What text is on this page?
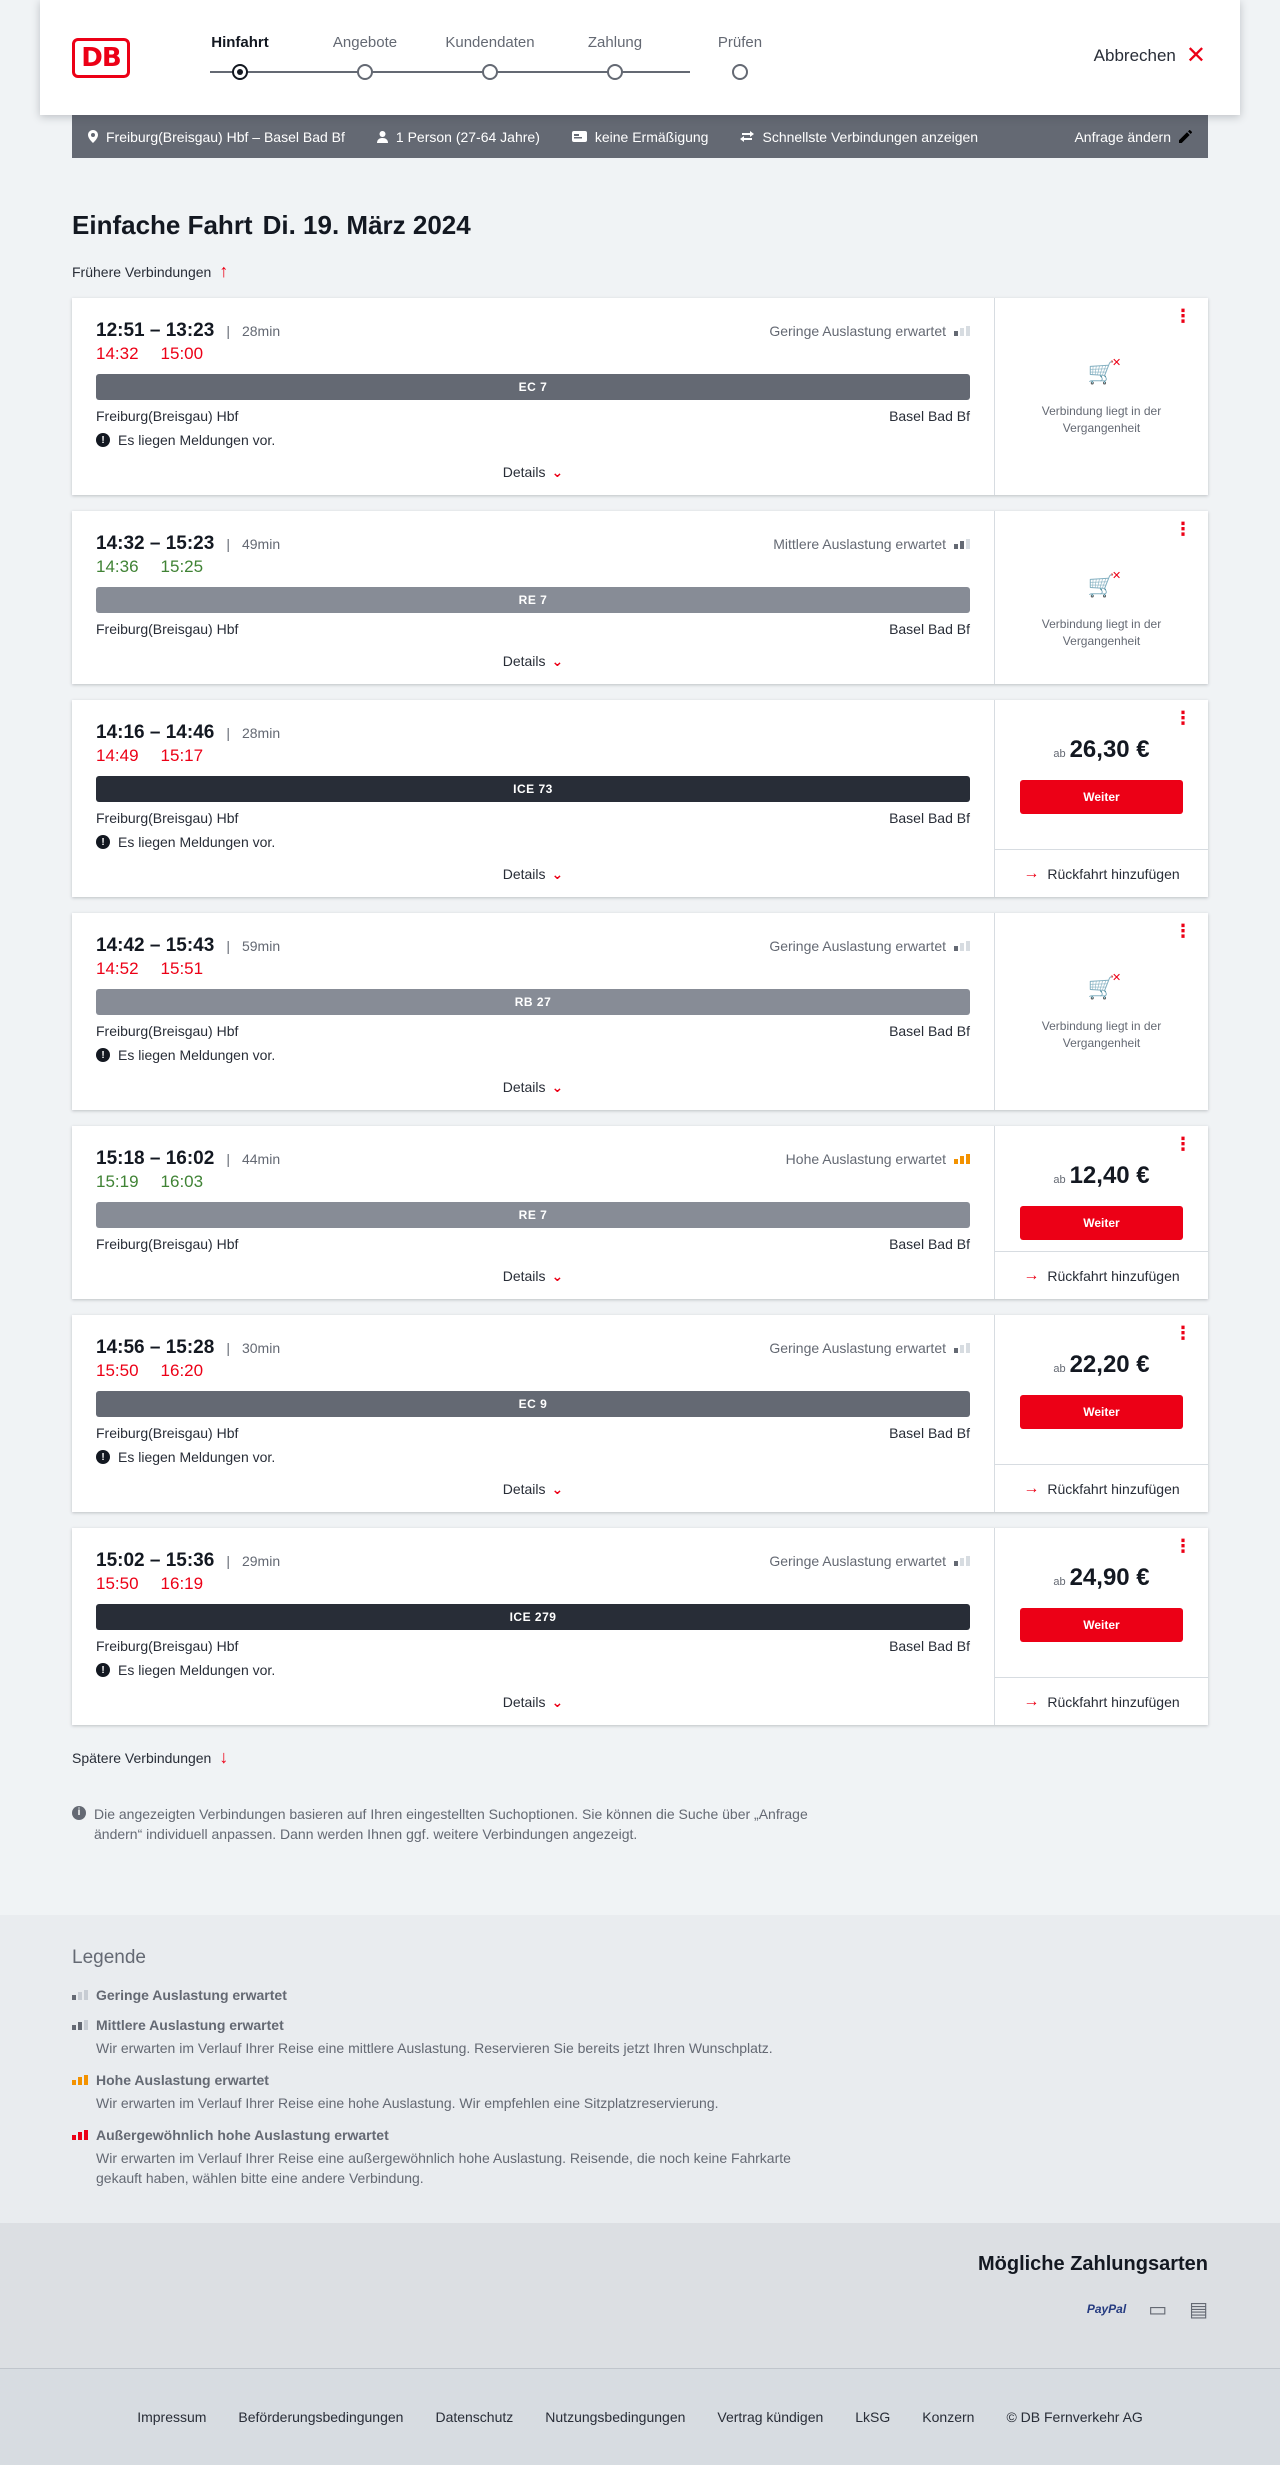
DB
Hinfahrt	Angebote	Kundendaten	Zahlung	Prüfen
Abbrechen ✕
Freiburg(Breisgau) Hbf – Basel Bad Bf	1 Person (27-64 Jahre)	keine Ermäßigung	Schnellste Verbindungen anzeigen	Anfrage ändern
Einfache Fahrt Di. 19. März 2024
Frühere Verbindungen ↑
12:51 – 13:23 | 28min	Geringe Auslastung erwartet
14:32 15:00
EC 7
Freiburg(Breisgau) Hbf	Basel Bad Bf
! Es liegen Meldungen vor.
Details ⌄
⋮
🛒
✕
Verbindung liegt in der Vergangenheit
14:32 – 15:23 | 49min	Mittlere Auslastung erwartet
14:36 15:25
RE 7
Freiburg(Breisgau) Hbf	Basel Bad Bf
Details ⌄
⋮
🛒
✕
Verbindung liegt in der Vergangenheit
14:16 – 14:46 | 28min
14:49 15:17
ICE 73
Freiburg(Breisgau) Hbf	Basel Bad Bf
! Es liegen Meldungen vor.
Details ⌄
⋮
ab 26,30 €
Weiter
→ Rückfahrt hinzufügen
14:42 – 15:43 | 59min	Geringe Auslastung erwartet
14:52 15:51
RB 27
Freiburg(Breisgau) Hbf	Basel Bad Bf
! Es liegen Meldungen vor.
Details ⌄
⋮
🛒
✕
Verbindung liegt in der Vergangenheit
15:18 – 16:02 | 44min	Hohe Auslastung erwartet
15:19 16:03
RE 7
Freiburg(Breisgau) Hbf	Basel Bad Bf
Details ⌄
⋮
ab 12,40 €
Weiter
→ Rückfahrt hinzufügen
14:56 – 15:28 | 30min	Geringe Auslastung erwartet
15:50 16:20
EC 9
Freiburg(Breisgau) Hbf	Basel Bad Bf
! Es liegen Meldungen vor.
Details ⌄
⋮
ab 22,20 €
Weiter
→ Rückfahrt hinzufügen
15:02 – 15:36 | 29min	Geringe Auslastung erwartet
15:50 16:19
ICE 279
Freiburg(Breisgau) Hbf	Basel Bad Bf
! Es liegen Meldungen vor.
Details ⌄
⋮
ab 24,90 €
Weiter
→ Rückfahrt hinzufügen
Spätere Verbindungen ↓
i Die angezeigten Verbindungen basieren auf Ihren eingestellten Suchoptionen. Sie können die Suche über „Anfrage ändern“ individuell anpassen. Dann werden Ihnen ggf. weitere Verbindungen angezeigt.
Legende
Geringe Auslastung erwartet
Mittlere Auslastung erwartet

Wir erwarten im Verlauf Ihrer Reise eine mittlere Auslastung. Reservieren Sie bereits jetzt Ihren Wunschplatz.

Hohe Auslastung erwartet

Wir erwarten im Verlauf Ihrer Reise eine hohe Auslastung. Wir empfehlen eine Sitzplatzreservierung.

Außergewöhnlich hohe Auslastung erwartet

Wir erwarten im Verlauf Ihrer Reise eine außergewöhnlich hohe Auslastung. Reisende, die noch keine Fahrkarte gekauft haben, wählen bitte eine andere Verbindung.

Mögliche Zahlungsarten
PayPal ▭ ▤
Impressum Beförderungsbedingungen Datenschutz Nutzungsbedingungen Vertrag kündigen LkSG Konzern © DB Fernverkehr AG
